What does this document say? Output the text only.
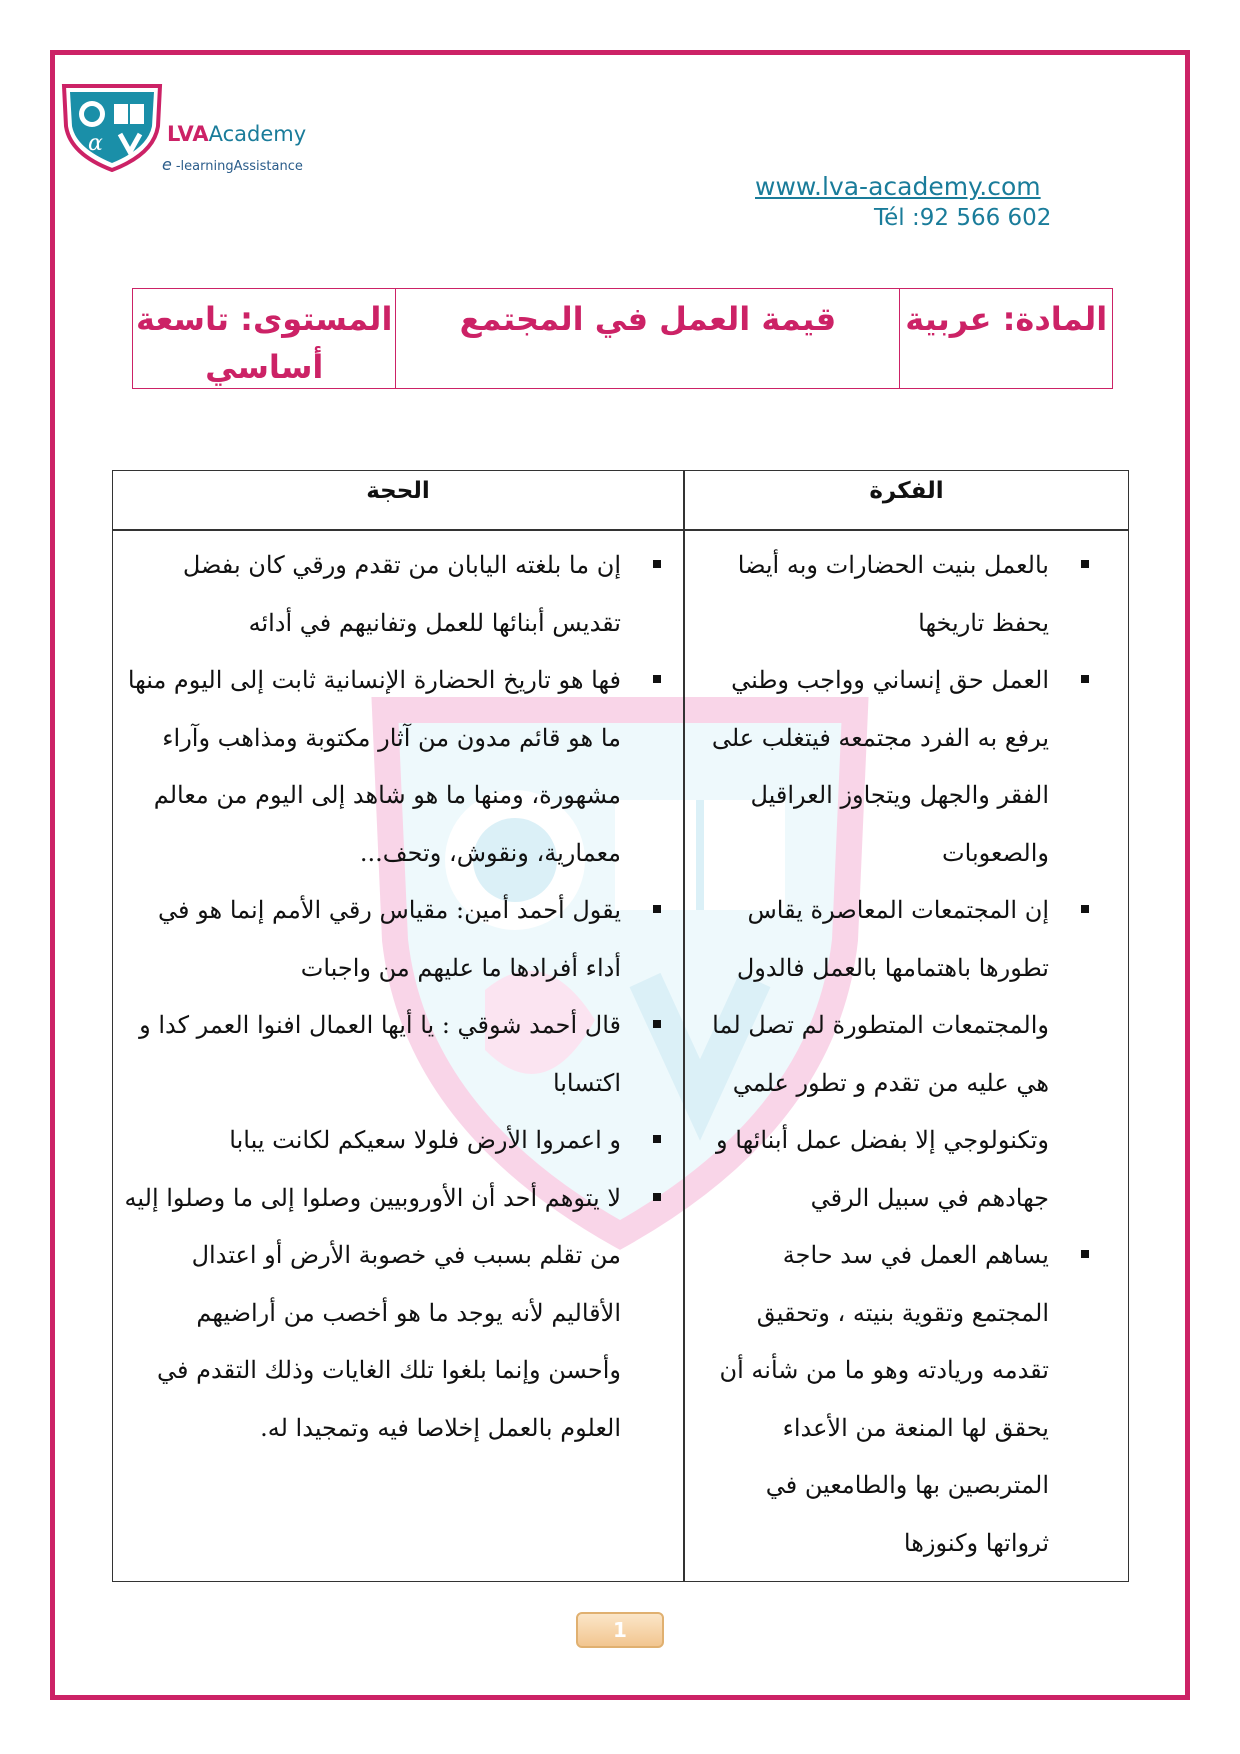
α	LVAAcademy
e -learningAssistance
www.lva-academy.com
Tél :92 566 602
المادة: عربية
قيمة العمل في المجتمع
المستوى: تاسعة
أساسي
الفكرة
الحجة
بالعمل بنيت الحضارات وبه أيضا يحفظ تاريخها
العمل حق إنساني وواجب وطني يرفع به الفرد مجتمعه فيتغلب على الفقر والجهل ويتجاوز العراقيل والصعوبات
إن المجتمعات المعاصرة يقاس تطورها باهتمامها بالعمل فالدول والمجتمعات المتطورة لم تصل لما هي عليه من تقدم و تطور علمي وتكنولوجي إلا بفضل عمل أبنائها و جهادهم في سبيل الرقي
يساهم العمل في سد حاجة المجتمع وتقوية بنيته ، وتحقيق تقدمه وريادته وهو ما من شأنه أن يحقق لها المنعة من الأعداء المتربصين بها والطامعين في ثرواتها وكنوزها
إن ما بلغته اليابان من تقدم ورقي كان بفضل تقديس أبنائها للعمل وتفانيهم في أدائه
فها هو تاريخ الحضارة الإنسانية ثابت إلى اليوم منها ما هو قائم مدون من آثار مكتوبة ومذاهب وآراء مشهورة، ومنها ما هو شاهد إلى اليوم من معالم معمارية، ونقوش، وتحف...
يقول أحمد أمين: مقياس رقي الأمم إنما هو في أداء أفرادها ما عليهم من واجبات
قال أحمد شوقي : يا أيها العمال افنوا العمر كدا و اكتسابا
و اعمروا الأرض فلولا سعيكم لكانت يبابا
لا يتوهم أحد أن الأوروبيين وصلوا إلى ما وصلوا إليه من تقلم بسبب في خصوبة الأرض أو اعتدال الأقاليم لأنه يوجد ما هو أخصب من أراضيهم وأحسن وإنما بلغوا تلك الغايات وذلك التقدم في العلوم بالعمل إخلاصا فيه وتمجيدا له.
1
